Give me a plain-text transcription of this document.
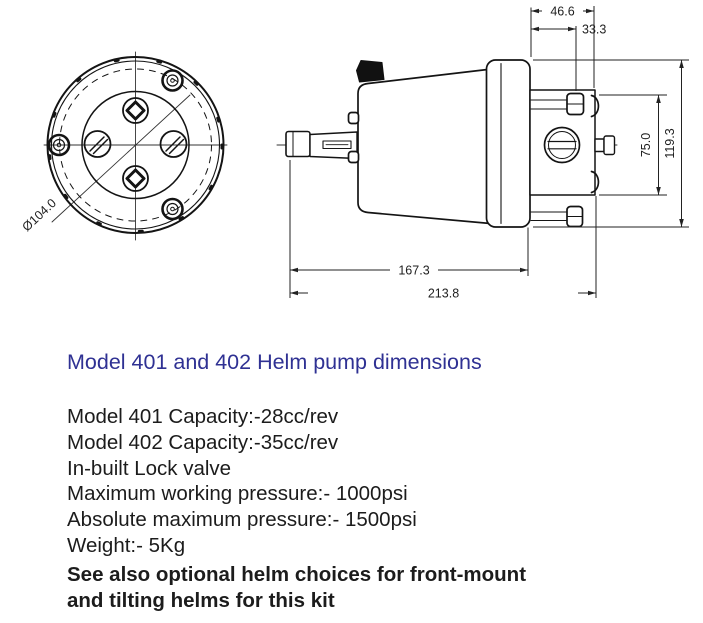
Ø104.0
46.6
33.3
75.0 119.3
167.3
213.8
Model 401 and 402 Helm pump dimensions
Model 401 Capacity:-28cc/rev
Model 402 Capacity:-35cc/rev
In-built Lock valve
Maximum working pressure:- 1000psi
Absolute maximum pressure:- 1500psi
Weight:- 5Kg
See also optional helm choices for front-mount
and tilting helms for this kit
